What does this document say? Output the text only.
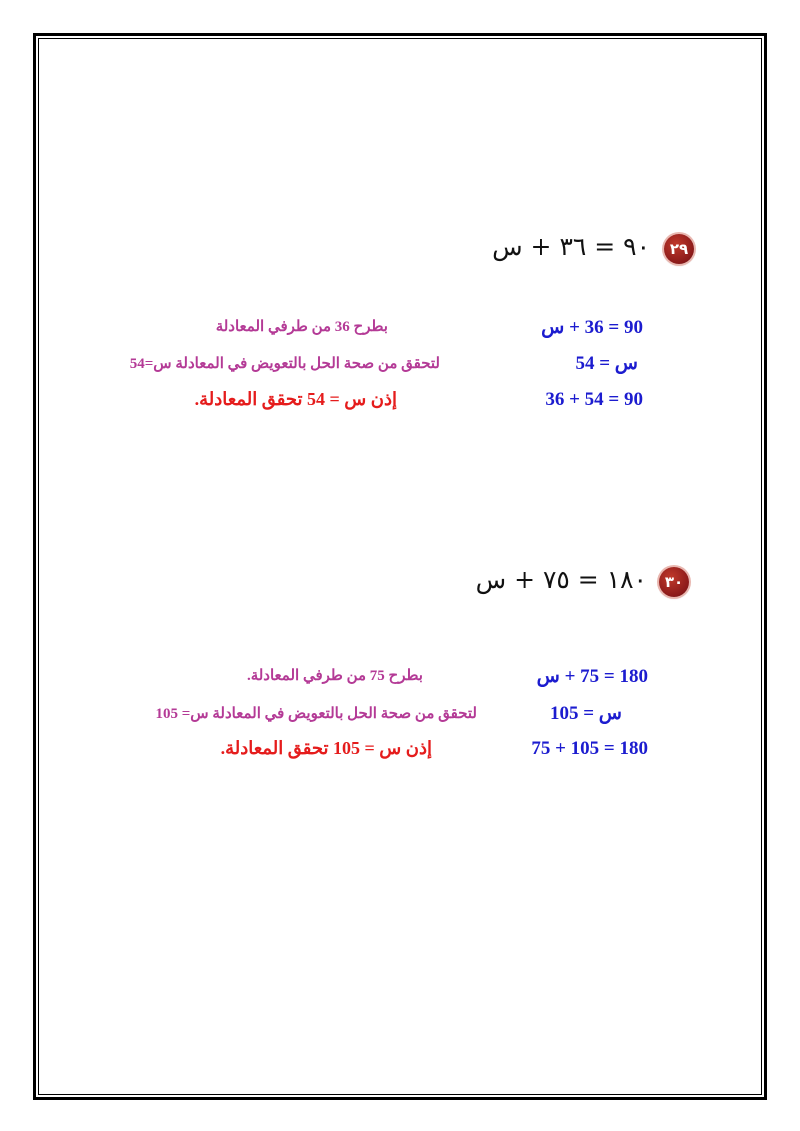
٢٩
٩٠ = ٣٦ + س
90 = 36 + س
بطرح 36 من طرفي المعادلة
س = 54
لتحقق من صحة الحل بالتعويض في المعادلة س=54
90 = 54 + 36
إذن س = 54 تحقق المعادلة.
٣٠
١٨٠ = ٧٥ + س
180 = 75 + س
بطرح 75 من طرفي المعادلة.
س = 105
لتحقق من صحة الحل بالتعويض في المعادلة س= 105
180 = 105 + 75
إذن س = 105 تحقق المعادلة.
